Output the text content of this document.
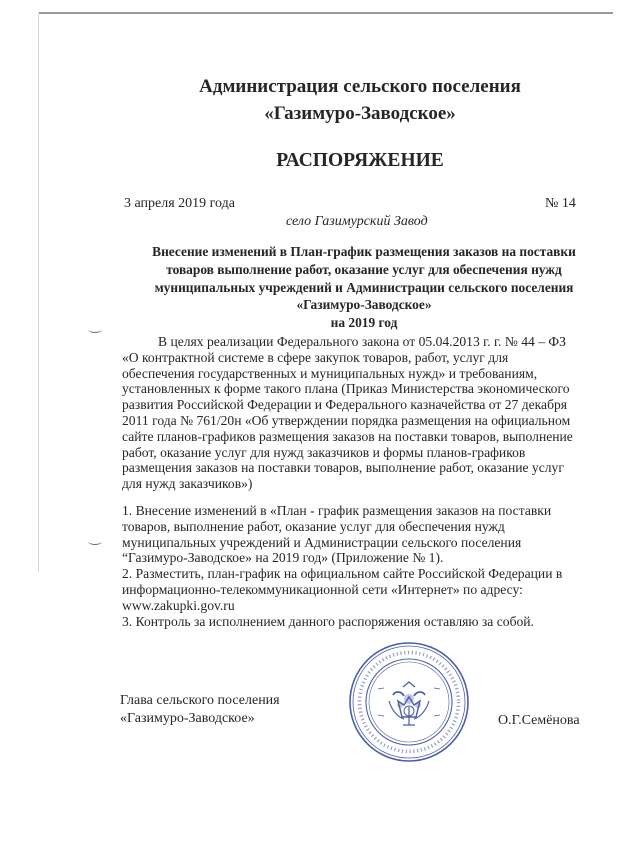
Администрация сельского поселения
«Газимуро-Заводское»
РАСПОРЯЖЕНИЕ
3 апреля 2019 года	№ 14
село Газимурский Завод
Внесение изменений в План-график размещения заказов на поставки
товаров выполнение работ, оказание услуг для обеспечения нужд
муниципальных учреждений и Администрации сельского поселения
«Газимуро-Заводское»
на 2019 год
В целях реализации Федерального закона от 05.04.2013 г. г. № 44 – ФЗ
«О контрактной системе в сфере закупок товаров, работ, услуг для
обеспечения государственных и муниципальных нужд» и требованиям,
установленных к форме такого плана (Приказ Министерства экономического
развития Российской Федерации и Федерального казначейства от 27 декабря
2011 года № 761/20н «Об утверждении порядка размещения на официальном
сайте планов-графиков размещения заказов на поставки товаров, выполнение
работ, оказание услуг для нужд заказчиков и формы планов-графиков
размещения заказов на поставки товаров, выполнение работ, оказание услуг
для нужд заказчиков»)
1. Внесение изменений в «План - график размещения заказов на поставки
товаров, выполнение работ, оказание услуг для обеспечения нужд
муниципальных учреждений и Администрации сельского поселения
“Газимуро-Заводское» на 2019 год» (Приложение № 1).
2. Разместить, план-график на официальном сайте Российской Федерации в
информационно-телекоммуникационной сети «Интернет» по адресу:
www.zakupki.gov.ru
3. Контроль за исполнением данного распоряжения оставляю за собой.
Глава сельского поселения
«Газимуро-Заводское»	О.Г.Семёнова
